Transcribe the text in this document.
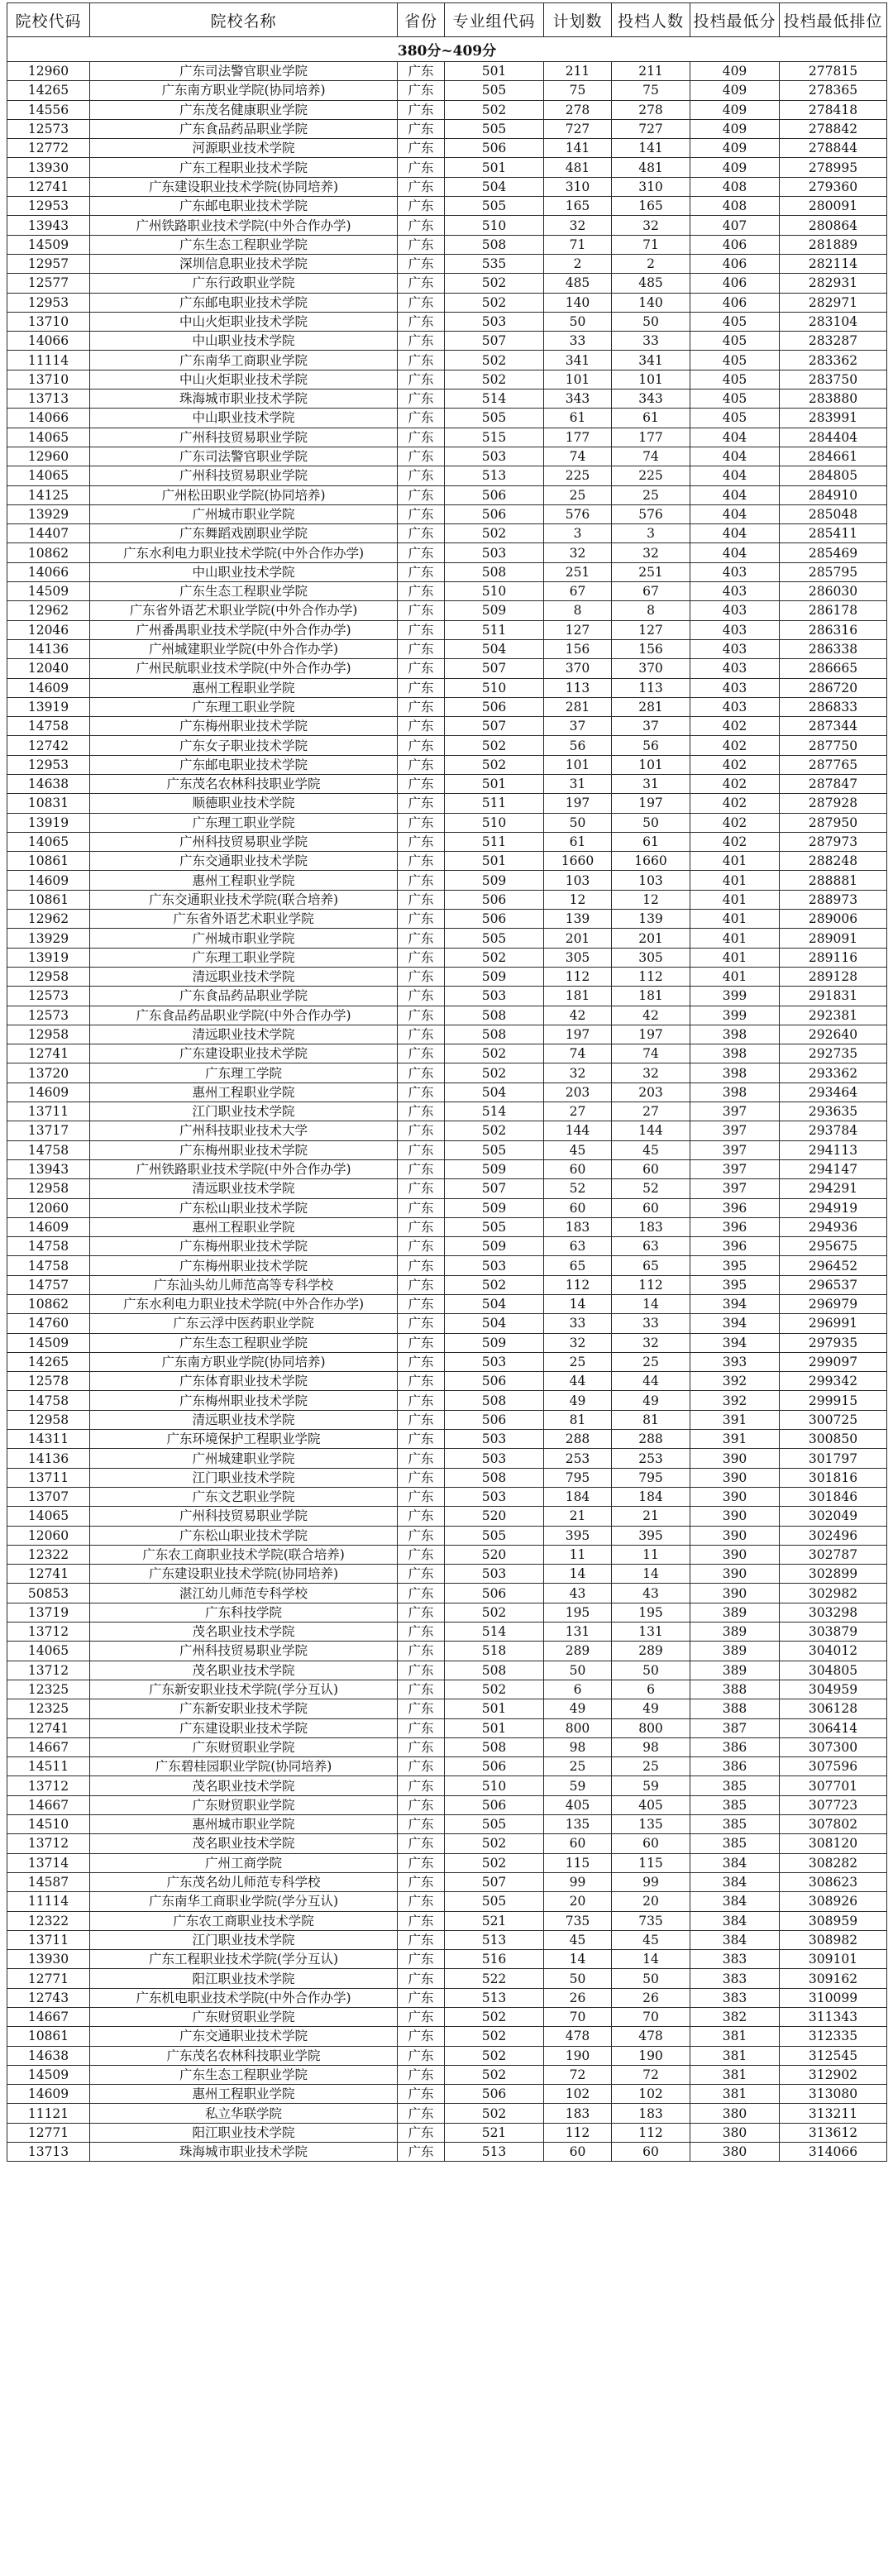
院校代码	院校名称	省份	专业组代码	计划数	投档人数	投档最低分	投档最低排位
380分~409分							
12960	广东司法警官职业学院	广东	501	211	211	409	277815
14265	广东南方职业学院(协同培养)	广东	505	75	75	409	278365
14556	广东茂名健康职业学院	广东	502	278	278	409	278418
12573	广东食品药品职业学院	广东	505	727	727	409	278842
12772	河源职业技术学院	广东	506	141	141	409	278844
13930	广东工程职业技术学院	广东	501	481	481	409	278995
12741	广东建设职业技术学院(协同培养)	广东	504	310	310	408	279360
12953	广东邮电职业技术学院	广东	505	165	165	408	280091
13943	广州铁路职业技术学院(中外合作办学)	广东	510	32	32	407	280864
14509	广东生态工程职业学院	广东	508	71	71	406	281889
12957	深圳信息职业技术学院	广东	535	2	2	406	282114
12577	广东行政职业学院	广东	502	485	485	406	282931
12953	广东邮电职业技术学院	广东	502	140	140	406	282971
13710	中山火炬职业技术学院	广东	503	50	50	405	283104
14066	中山职业技术学院	广东	507	33	33	405	283287
11114	广东南华工商职业学院	广东	502	341	341	405	283362
13710	中山火炬职业技术学院	广东	502	101	101	405	283750
13713	珠海城市职业技术学院	广东	514	343	343	405	283880
14066	中山职业技术学院	广东	505	61	61	405	283991
14065	广州科技贸易职业学院	广东	515	177	177	404	284404
12960	广东司法警官职业学院	广东	503	74	74	404	284661
14065	广州科技贸易职业学院	广东	513	225	225	404	284805
14125	广州松田职业学院(协同培养)	广东	506	25	25	404	284910
13929	广州城市职业学院	广东	506	576	576	404	285048
14407	广东舞蹈戏剧职业学院	广东	502	3	3	404	285411
10862	广东水利电力职业技术学院(中外合作办学)	广东	503	32	32	404	285469
14066	中山职业技术学院	广东	508	251	251	403	285795
14509	广东生态工程职业学院	广东	510	67	67	403	286030
12962	广东省外语艺术职业学院(中外合作办学)	广东	509	8	8	403	286178
12046	广州番禺职业技术学院(中外合作办学)	广东	511	127	127	403	286316
14136	广州城建职业学院(中外合作办学)	广东	504	156	156	403	286338
12040	广州民航职业技术学院(中外合作办学)	广东	507	370	370	403	286665
14609	惠州工程职业学院	广东	510	113	113	403	286720
13919	广东理工职业学院	广东	506	281	281	403	286833
14758	广东梅州职业技术学院	广东	507	37	37	402	287344
12742	广东女子职业技术学院	广东	502	56	56	402	287750
12953	广东邮电职业技术学院	广东	502	101	101	402	287765
14638	广东茂名农林科技职业学院	广东	501	31	31	402	287847
10831	顺德职业技术学院	广东	511	197	197	402	287928
13919	广东理工职业学院	广东	510	50	50	402	287950
14065	广州科技贸易职业学院	广东	511	61	61	402	287973
10861	广东交通职业技术学院	广东	501	1660	1660	401	288248
14609	惠州工程职业学院	广东	509	103	103	401	288881
10861	广东交通职业技术学院(联合培养)	广东	506	12	12	401	288973
12962	广东省外语艺术职业学院	广东	506	139	139	401	289006
13929	广州城市职业学院	广东	505	201	201	401	289091
13919	广东理工职业学院	广东	502	305	305	401	289116
12958	清远职业技术学院	广东	509	112	112	401	289128
12573	广东食品药品职业学院	广东	503	181	181	399	291831
12573	广东食品药品职业学院(中外合作办学)	广东	508	42	42	399	292381
12958	清远职业技术学院	广东	508	197	197	398	292640
12741	广东建设职业技术学院	广东	502	74	74	398	292735
13720	广东理工学院	广东	502	32	32	398	293362
14609	惠州工程职业学院	广东	504	203	203	398	293464
13711	江门职业技术学院	广东	514	27	27	397	293635
13717	广州科技职业技术大学	广东	502	144	144	397	293784
14758	广东梅州职业技术学院	广东	505	45	45	397	294113
13943	广州铁路职业技术学院(中外合作办学)	广东	509	60	60	397	294147
12958	清远职业技术学院	广东	507	52	52	397	294291
12060	广东松山职业技术学院	广东	509	60	60	396	294919
14609	惠州工程职业学院	广东	505	183	183	396	294936
14758	广东梅州职业技术学院	广东	509	63	63	396	295675
14758	广东梅州职业技术学院	广东	503	65	65	395	296452
14757	广东汕头幼儿师范高等专科学校	广东	502	112	112	395	296537
10862	广东水利电力职业技术学院(中外合作办学)	广东	504	14	14	394	296979
14760	广东云浮中医药职业学院	广东	504	33	33	394	296991
14509	广东生态工程职业学院	广东	509	32	32	394	297935
14265	广东南方职业学院(协同培养)	广东	503	25	25	393	299097
12578	广东体育职业技术学院	广东	506	44	44	392	299342
14758	广东梅州职业技术学院	广东	508	49	49	392	299915
12958	清远职业技术学院	广东	506	81	81	391	300725
14311	广东环境保护工程职业学院	广东	503	288	288	391	300850
14136	广州城建职业学院	广东	503	253	253	390	301797
13711	江门职业技术学院	广东	508	795	795	390	301816
13707	广东文艺职业学院	广东	503	184	184	390	301846
14065	广州科技贸易职业学院	广东	520	21	21	390	302049
12060	广东松山职业技术学院	广东	505	395	395	390	302496
12322	广东农工商职业技术学院(联合培养)	广东	520	11	11	390	302787
12741	广东建设职业技术学院(协同培养)	广东	503	14	14	390	302899
50853	湛江幼儿师范专科学校	广东	506	43	43	390	302982
13719	广东科技学院	广东	502	195	195	389	303298
13712	茂名职业技术学院	广东	514	131	131	389	303879
14065	广州科技贸易职业学院	广东	518	289	289	389	304012
13712	茂名职业技术学院	广东	508	50	50	389	304805
12325	广东新安职业技术学院(学分互认)	广东	502	6	6	388	304959
12325	广东新安职业技术学院	广东	501	49	49	388	306128
12741	广东建设职业技术学院	广东	501	800	800	387	306414
14667	广东财贸职业学院	广东	508	98	98	386	307300
14511	广东碧桂园职业学院(协同培养)	广东	506	25	25	386	307596
13712	茂名职业技术学院	广东	510	59	59	385	307701
14667	广东财贸职业学院	广东	506	405	405	385	307723
14510	惠州城市职业学院	广东	505	135	135	385	307802
13712	茂名职业技术学院	广东	502	60	60	385	308120
13714	广州工商学院	广东	502	115	115	384	308282
14587	广东茂名幼儿师范专科学校	广东	507	99	99	384	308623
11114	广东南华工商职业学院(学分互认)	广东	505	20	20	384	308926
12322	广东农工商职业技术学院	广东	521	735	735	384	308959
13711	江门职业技术学院	广东	513	45	45	384	308982
13930	广东工程职业技术学院(学分互认)	广东	516	14	14	383	309101
12771	阳江职业技术学院	广东	522	50	50	383	309162
12743	广东机电职业技术学院(中外合作办学)	广东	513	26	26	383	310099
14667	广东财贸职业学院	广东	502	70	70	382	311343
10861	广东交通职业技术学院	广东	502	478	478	381	312335
14638	广东茂名农林科技职业学院	广东	502	190	190	381	312545
14509	广东生态工程职业学院	广东	502	72	72	381	312902
14609	惠州工程职业学院	广东	506	102	102	381	313080
11121	私立华联学院	广东	502	183	183	380	313211
12771	阳江职业技术学院	广东	521	112	112	380	313612
13713	珠海城市职业技术学院	广东	513	60	60	380	314066
